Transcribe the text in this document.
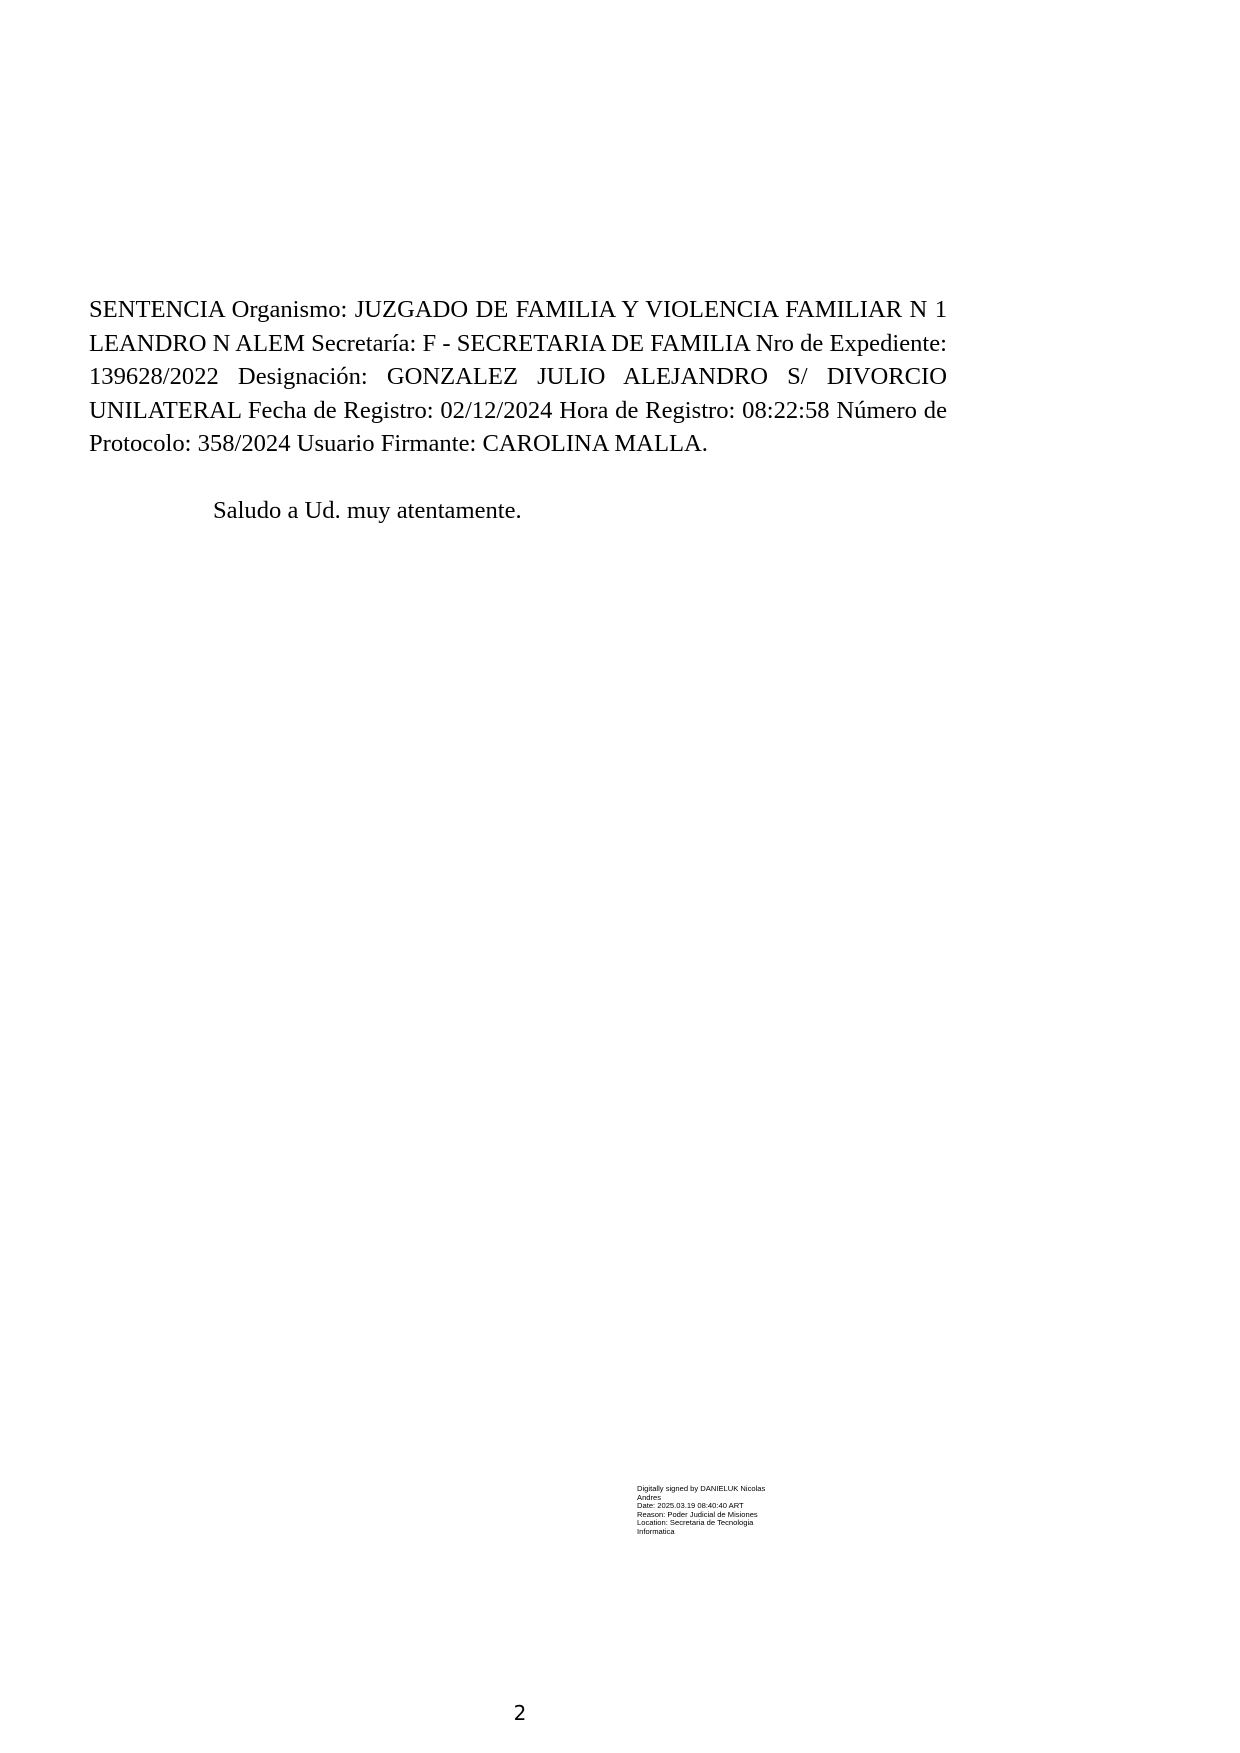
SENTENCIA Organismo: JUZGADO DE FAMILIA Y VIOLENCIA FAMILIAR N 1 LEANDRO N ALEM Secretaría: F - SECRETARIA DE FAMILIA Nro de Expediente: 139628/2022 Designación: GONZALEZ JULIO ALEJANDRO S/ DIVORCIO UNILATERAL Fecha de Registro: 02/12/2024 Hora de Registro: 08:22:58 Número de Protocolo: 358/2024 Usuario Firmante: CAROLINA MALLA.

Saludo a Ud. muy atentamente.

Digitally signed by DANIELUK Nicolas
Andres
Date: 2025.03.19 08:40:40 ART
Reason: Poder Judicial de Misiones
Location: Secretaria de Tecnologia
Informatica

2
